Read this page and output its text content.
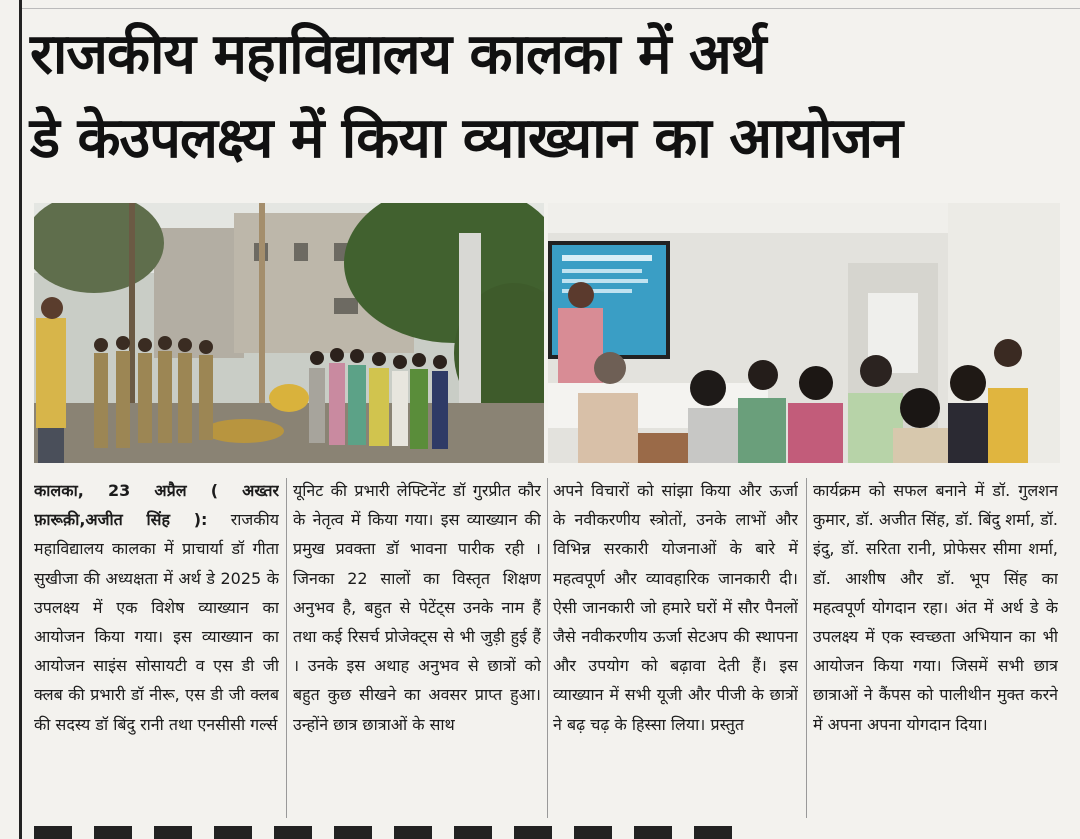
राजकीय महाविद्यालय कालका में अर्थ
डे केउपलक्ष्य में किया व्याख्यान का आयोजन
कालका, 23 अप्रैल ( अख्तर फ़ारूक़ी,अजीत सिंह ): राजकीय महाविद्यालय कालका में प्राचार्या डॉ गीता सुखीजा की अध्यक्षता में अर्थ डे 2025 के उपलक्ष्य में एक विशेष व्याख्यान का आयोजन किया गया। इस व्याख्यान का आयोजन साइंस सोसायटी व एस डी जी क्लब की प्रभारी डॉ नीरू, एस डी जी क्लब की सदस्य डॉ बिंदु रानी तथा एनसीसी गर्ल्स
यूनिट की प्रभारी लेफ्टिनेंट डॉ गुरप्रीत कौर के नेतृत्व में किया गया। इस व्याख्यान की प्रमुख प्रवक्ता डॉ भावना पारीक रही । जिनका 22 सालों का विस्तृत शिक्षण अनुभव है, बहुत से पेटेंट्स उनके नाम हैं तथा कई रिसर्च प्रोजेक्ट्स से भी जुड़ी हुई हैं । उनके इस अथाह अनुभव से छात्रों को बहुत कुछ सीखने का अवसर प्राप्त हुआ। उन्होंने छात्र छात्राओं के साथ
अपने विचारों को सांझा किया और ऊर्जा के नवीकरणीय स्त्रोतों, उनके लाभों और विभिन्न सरकारी योजनाओं के बारे में महत्वपूर्ण और व्यावहारिक जानकारी दी। ऐसी जानकारी जो हमारे घरों में सौर पैनलों जैसे नवीकरणीय ऊर्जा सेटअप की स्थापना और उपयोग को बढ़ावा देती हैं। इस व्याख्यान में सभी यूजी और पीजी के छात्रों ने बढ़ चढ़ के हिस्सा लिया। प्रस्तुत
कार्यक्रम को सफल बनाने में डॉ. गुलशन कुमार, डॉ. अजीत सिंह, डॉ. बिंदु शर्मा, डॉ. इंदु, डॉ. सरिता रानी, प्रोफेसर सीमा शर्मा, डॉ. आशीष और डॉ. भूप सिंह का महत्वपूर्ण योगदान रहा। अंत में अर्थ डे के उपलक्ष्य में एक स्वच्छता अभियान का भी आयोजन किया गया। जिसमें सभी छात्र छात्राओं ने कैंपस को पालीथीन मुक्त करने में अपना अपना योगदान दिया।
